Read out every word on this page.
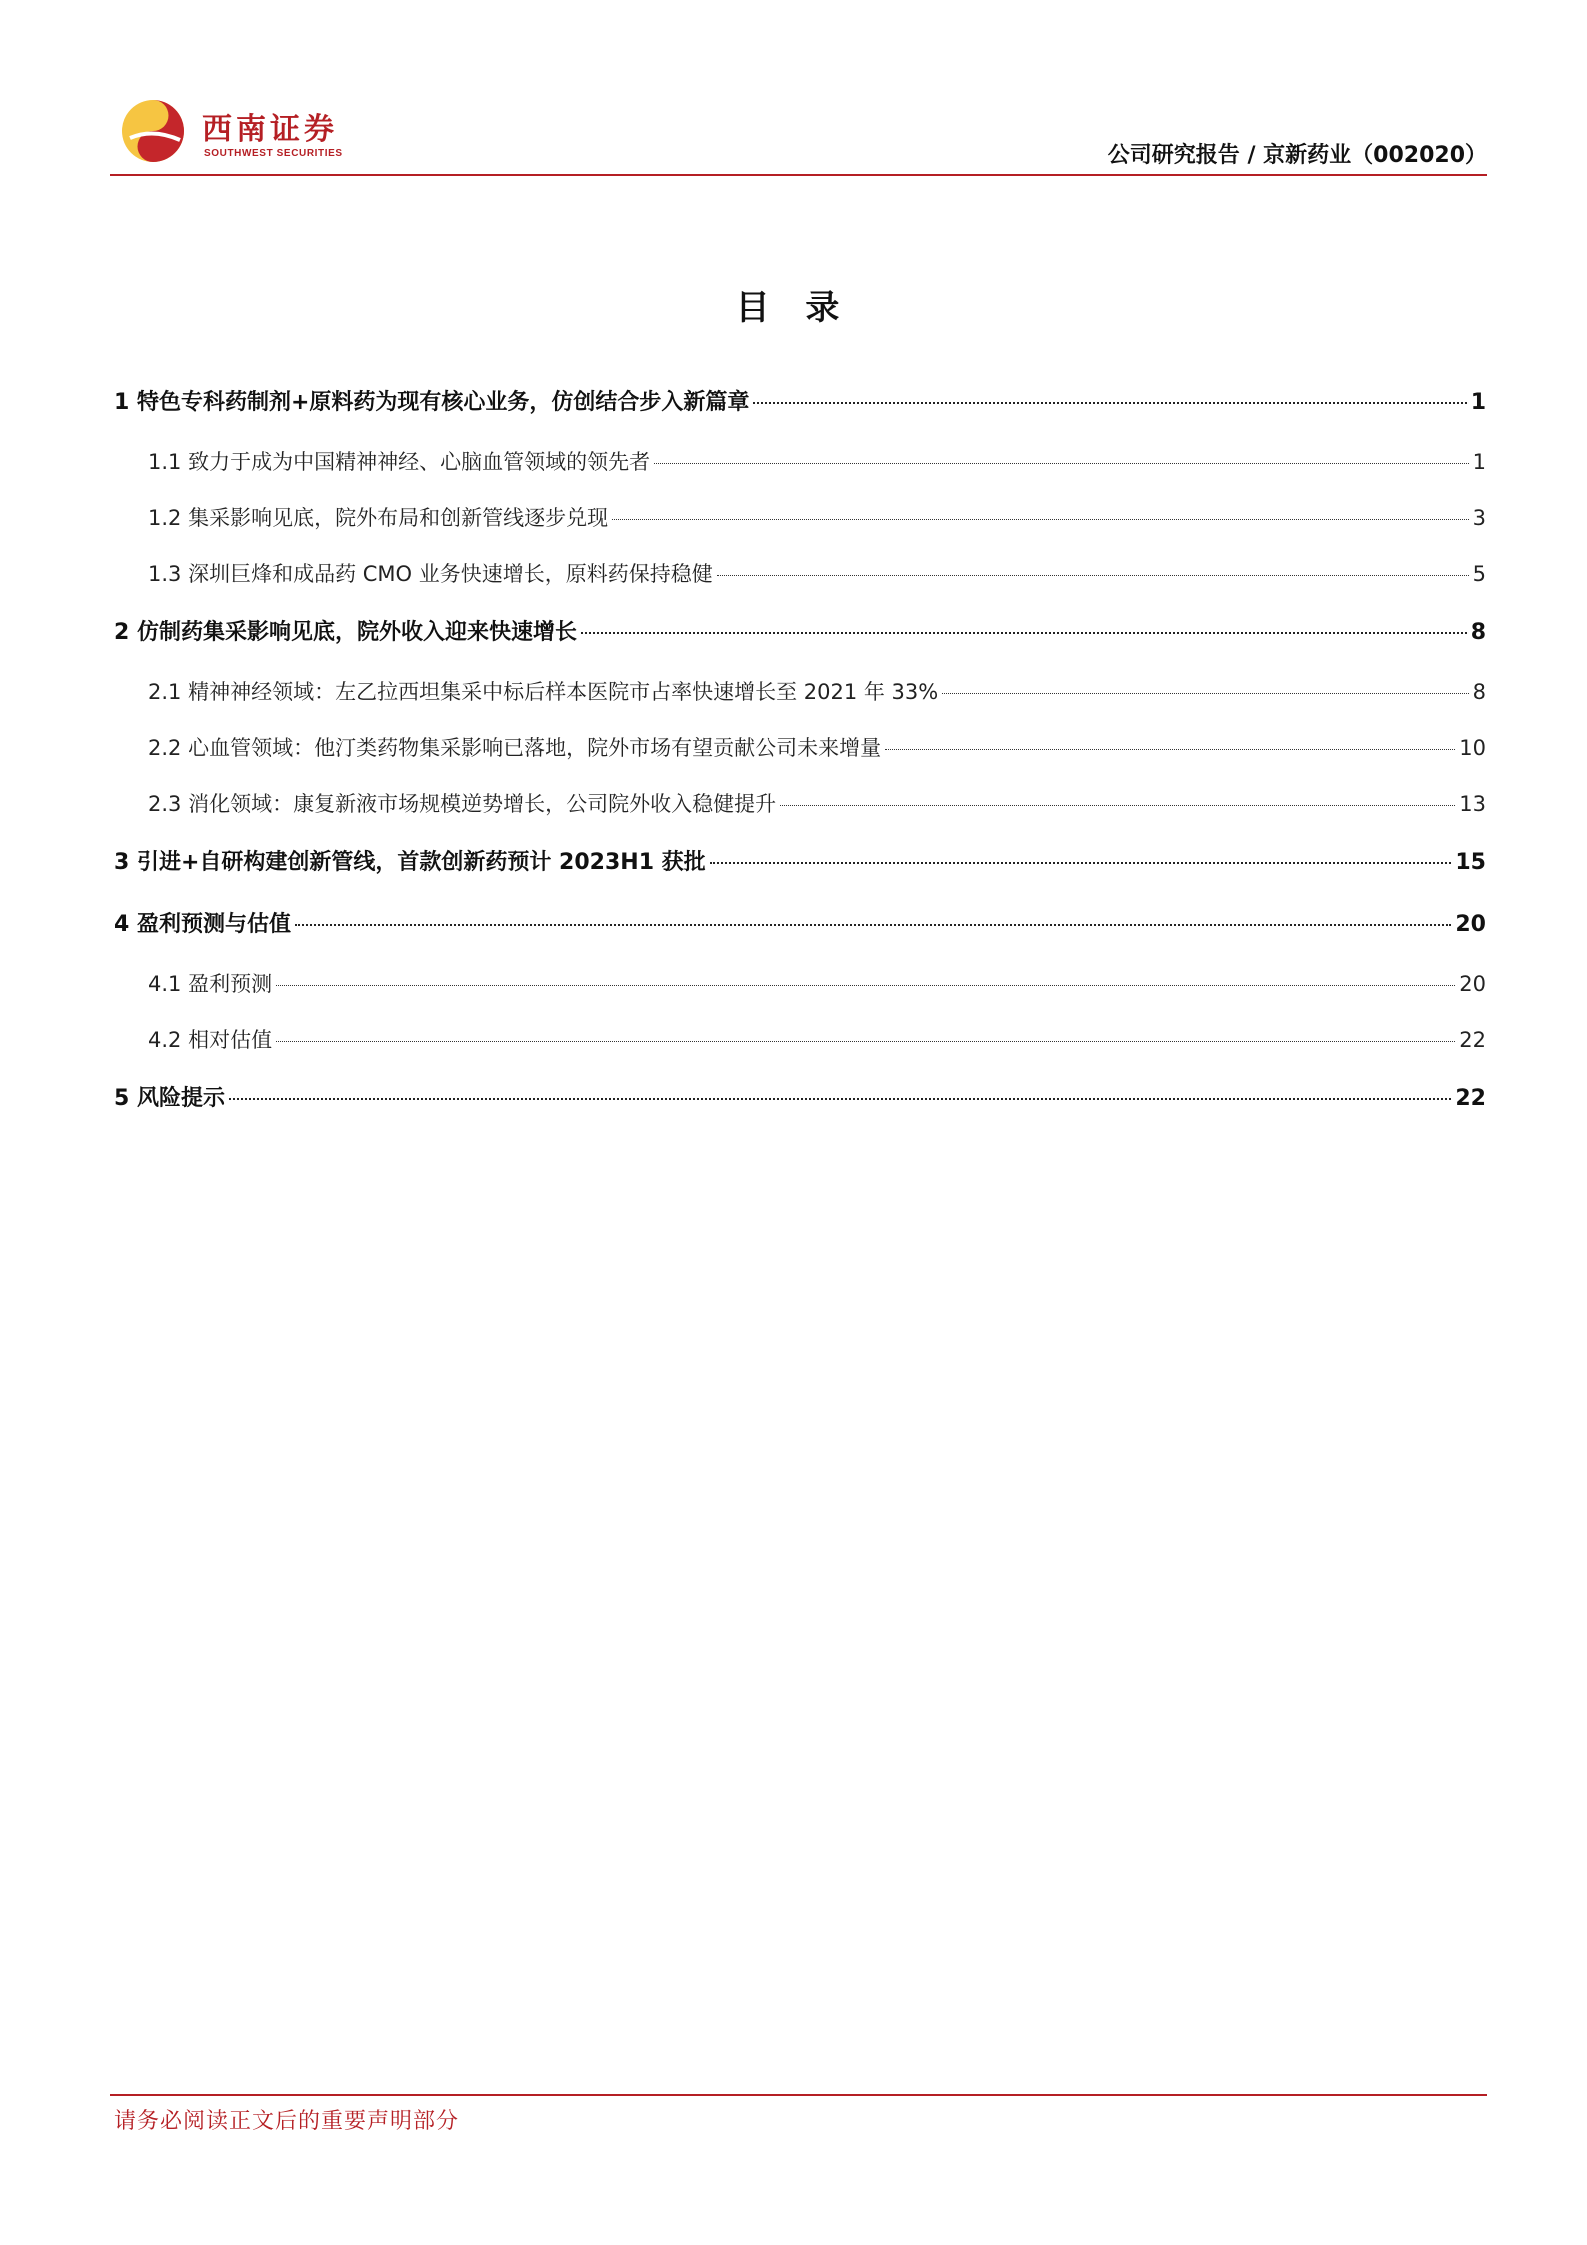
西南证券
SOUTHWEST SECURITIES	公司研究报告 / 京新药业（002020）
目 录
1 特色专科药制剂+原料药为现有核心业务，仿创结合步入新篇章	1
1.1 致力于成为中国精神神经、心脑血管领域的领先者	1
1.2 集采影响见底，院外布局和创新管线逐步兑现	3
1.3 深圳巨烽和成品药 CMO 业务快速增长，原料药保持稳健	5
2 仿制药集采影响见底，院外收入迎来快速增长	8
2.1 精神神经领域：左乙拉西坦集采中标后样本医院市占率快速增长至 2021 年 33%	8
2.2 心血管领域：他汀类药物集采影响已落地，院外市场有望贡献公司未来增量	10
2.3 消化领域：康复新液市场规模逆势增长，公司院外收入稳健提升	13
3 引进+自研构建创新管线，首款创新药预计 2023H1 获批	15
4 盈利预测与估值	20
4.1 盈利预测	20
4.2 相对估值	22
5 风险提示	22
请务必阅读正文后的重要声明部分
